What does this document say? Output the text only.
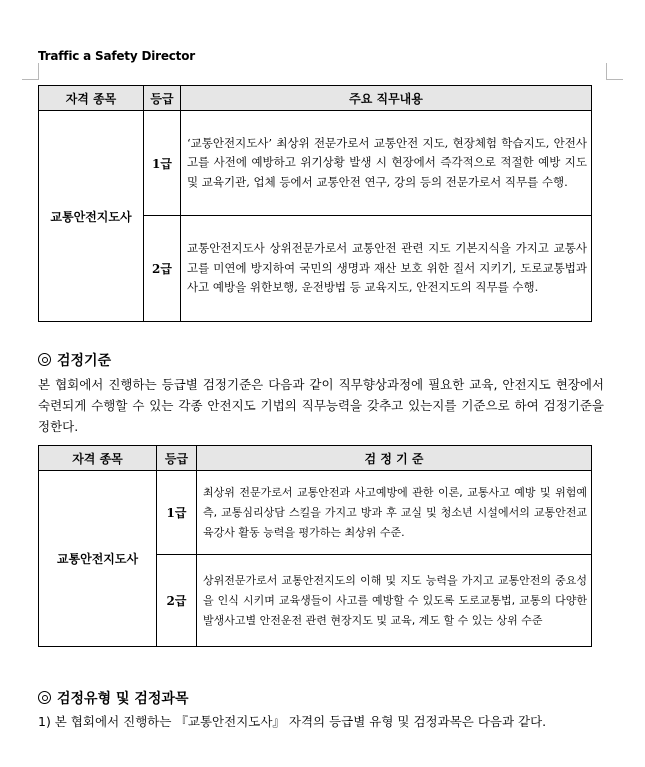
Traffic a Safety Director
자격 종목	등급	주요 직무내용
교통안전지도사	1급	‘교통안전지도사’ 최상위 전문가로서 교통안전 지도, 현장체험 학습지도, 안전사고를 사전에 예방하고 위기상황 발생 시 현장에서 즉각적으로 적절한 예방 지도 및 교육기관, 업체 등에서 교통안전 연구, 강의 등의 전문가로서 직무를 수행.
	2급	교통안전지도사 상위전문가로서 교통안전 관련 지도 기본지식을 가지고 교통사고를 미연에 방지하여 국민의 생명과 재산 보호 위한 질서 지키기, 도로교통법과 사고 예방을 위한보행, 운전방법 등 교육지도, 안전지도의 직무를 수행.
검정기준
본 협회에서 진행하는 등급별 검정기준은 다음과 같이 직무향상과정에 필요한 교육, 안전지도 현장에서 숙련되게 수행할 수 있는 각종 안전지도 기법의 직무능력을 갖추고 있는지를 기준으로 하여 검정기준을 정한다.
자격 종목	등급	검 정 기 준
교통안전지도사	1급	최상위 전문가로서 교통안전과 사고예방에 관한 이론, 교통사고 예방 및 위험예측, 교통심리상담 스킬을 가지고 방과 후 교실 및 청소년 시설에서의 교통안전교육강사 활동 능력을 평가하는 최상위 수준.
	2급	상위전문가로서 교통안전지도의 이해 및 지도 능력을 가지고 교통안전의 중요성을 인식 시키며 교육생들이 사고를 예방할 수 있도록 도로교통법, 교통의 다양한 발생사고별 안전운전 관련 현장지도 및 교육, 계도 할 수 있는 상위 수준
검정유형 및 검정과목
1) 본 협회에서 진행하는 『교통안전지도사』 자격의 등급별 유형 및 검정과목은 다음과 같다.
